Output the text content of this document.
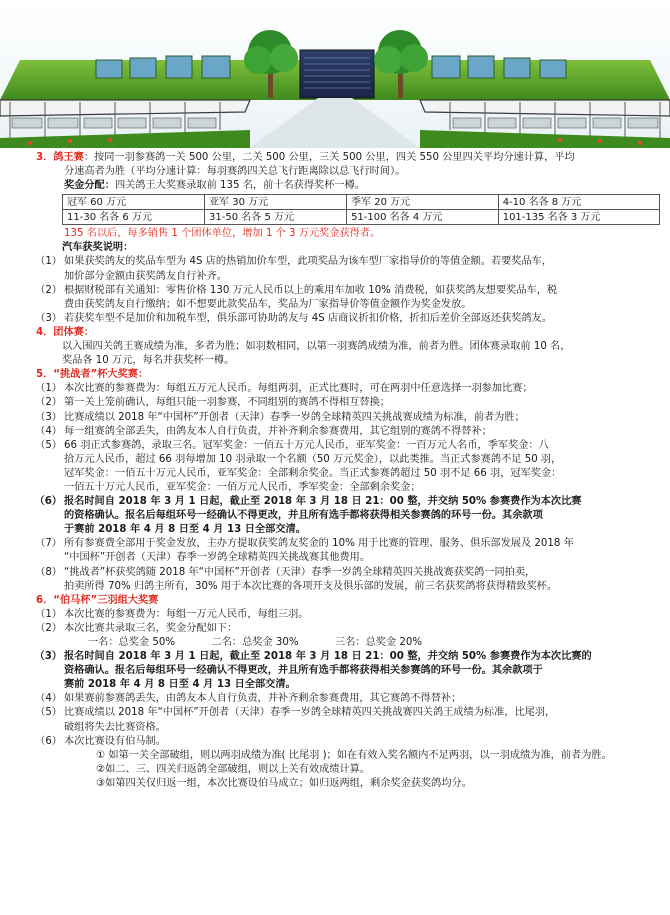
3．鸽王赛：按同一羽参赛鸽一关 500 公里，二关 500 公里，三关 500 公里，四关 550 公里四关平均分速计算，平均
分速高者为胜（平均分速计算：每羽赛鸽四关总飞行距离除以总飞行时间）。
奖金分配：四关鸽王大奖赛录取前 135 名，前十名获得奖杯一樽。
冠军 60 万元	亚军 30 万元	季军 20 万元	4-10 名各 8 万元
11-30 名各 6 万元	31-50 名各 5 万元	51-100 名各 4 万元	101-135 名各 3 万元
135 名以后，每多销售 1 个团体单位，增加 1 个 3 万元奖金获得者。
汽车获奖说明：
（1） 如果获奖鸽友的奖品车型为 4S 店的热销加价车型，此项奖品为该车型厂家指导价的等值金额。若要奖品车，
加价部分金额由获奖鸽友自行补齐。
（2） 根据财税部有关通知：零售价格 130 万元人民币以上的乘用车加收 10% 消费税，如获奖鸽友想要奖品车，税
费由获奖鸽友自行缴纳；如不想要此款奖品车，奖品为厂家指导价等值金额作为奖金发放。
（3） 若获奖车型不是加价和加税车型，俱乐部可协助鸽友与 4S 店商议折扣价格，折扣后差价全部返还获奖鸽友。
4．团体赛：
以入围四关鸽王赛成绩为准，多者为胜；如羽数相同，以第一羽赛鸽成绩为准，前者为胜。团体赛录取前 10 名，
奖品各 10 万元，每名并获奖杯一樽。
5．“挑战者”杯大奖赛：
（1） 本次比赛的参赛费为：每组五万元人民币。每组两羽，正式比赛时，可在两羽中任意选择一羽参加比赛；
（2） 第一关上笼前确认，每组只能一羽参赛，不同组别的赛鸽不得相互替换；
（3） 比赛成绩以 2018 年“中国杯”开创者（天津）春季一岁鸽全球精英四关挑战赛成绩为标准，前者为胜；
（4） 每一组赛鸽全部丢失，由鸽友本人自行负责，并补齐剩余参赛费用，其它组别的赛鸽不得替补；
（5） 66 羽正式参赛鸽，录取三名。冠军奖金：一佰五十万元人民币，亚军奖金：一百万元人名币，季军奖金：八
拾万元人民币，超过 66 羽每增加 10 羽录取一个名额（50 万元奖金），以此类推。当正式参赛鸽不足 50 羽，
冠军奖金：一佰五十万元人民币，亚军奖金：全部剩余奖金。当正式参赛鸽超过 50 羽不足 66 羽，冠军奖金：
一佰五十万元人民币，亚军奖金：一佰万元人民币，季军奖金：全部剩余奖金；
（6） 报名时间自 2018 年 3 月 1 日起，截止至 2018 年 3 月 18 日 21：00 整，并交纳 50% 参赛费作为本次比赛
的资格确认。报名后每组环号一经确认不得更改，并且所有选手都将获得相关参赛鸽的环号一份。其余款项
于赛前 2018 年 4 月 8 日至 4 月 13 日全部交清。
（7） 所有参赛费全部用于奖金发放，主办方提取获奖鸽友奖金的 10% 用于比赛的管理、服务、俱乐部发展及 2018 年
“中国杯”开创者（天津）春季一岁鸽全球精英四关挑战赛其他费用。
（8） “挑战者”杯获奖鸽随 2018 年“中国杯”开创者（天津）春季一岁鸽全球精英四关挑战赛获奖鸽一同拍卖，
拍卖所得 70% 归鸽主所有，30% 用于本次比赛的各项开支及俱乐部的发展，前三名获奖鸽将获得精致奖杯。
6．“伯马杯”三羽组大奖赛
（1） 本次比赛的参赛费为：每组一万元人民币，每组三羽。
（2） 本次比赛共录取三名，奖金分配如下：
一名：总奖金 50%	二名：总奖金 30%	三名：总奖金 20%
（3） 报名时间自 2018 年 3 月 1 日起，截止至 2018 年 3 月 18 日 21：00 整，并交纳 50% 参赛费作为本次比赛的
资格确认。报名后每组环号一经确认不得更改，并且所有选手都将获得相关参赛鸽的环号一份。其余款项于
赛前 2018 年 4 月 8 日至 4 月 13 日全部交清。
（4） 如果赛前参赛鸽丢失，由鸽友本人自行负责，并补齐剩余参赛费用，其它赛鸽不得替补；
（5） 比赛成绩以 2018 年“中国杯”开创者（天津）春季一岁鸽全球精英四关挑战赛四关鸽王成绩为标准，比尾羽，
破组将失去比赛资格。
（6） 本次比赛设有伯马制。
① 如第一关全部破组，则以两羽成绩为准( 比尾羽 )；如在有效入奖名额内不足两羽，以一羽成绩为准，前者为胜。
②如二、三、四关归返鸽全部破组，则以上关有效成绩计算。
③如第四关仅归返一组，本次比赛设伯马成立；如归返两组，剩余奖金获奖鸽均分。
